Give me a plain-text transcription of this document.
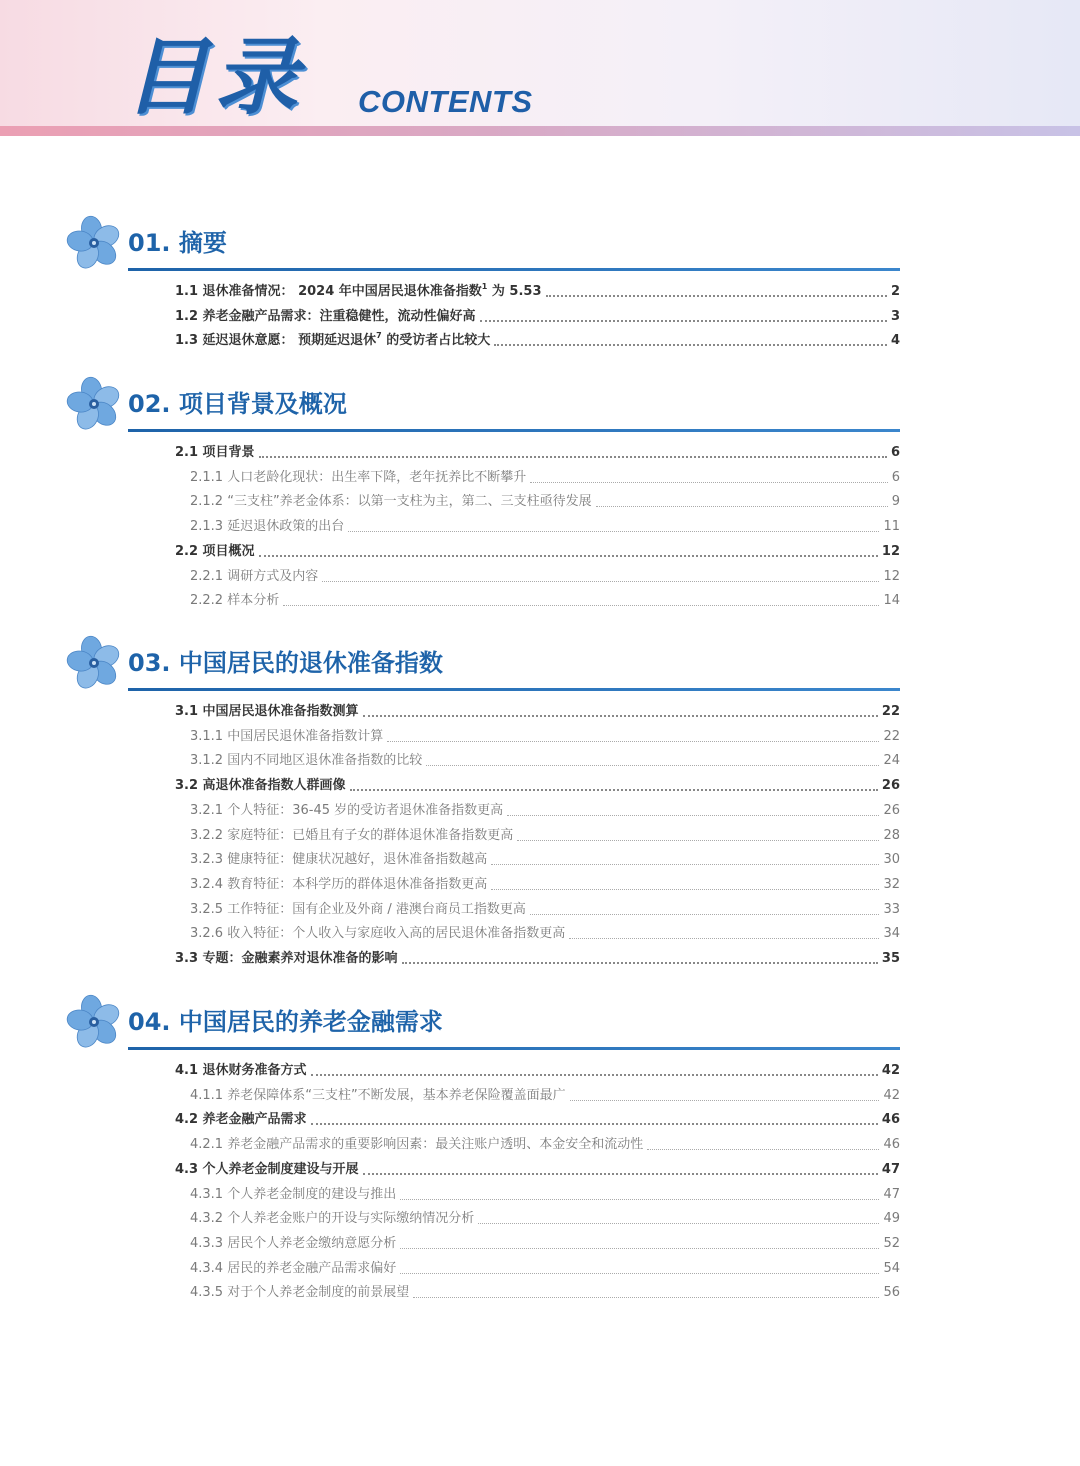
目录 CONTENTS
01. 摘要
1.1 退休准备情况： 2024 年中国居民退休准备指数$^1$ 为 5.53	2
1.2 养老金融产品需求：注重稳健性，流动性偏好高	3
1.3 延迟退休意愿： 预期延迟退休$^7$ 的受访者占比较大	4
02. 项目背景及概况
2.1 项目背景	6
2.1.1 人口老龄化现状：出生率下降，老年抚养比不断攀升	6
2.1.2 “三支柱”养老金体系：以第一支柱为主，第二、三支柱亟待发展	9
2.1.3 延迟退休政策的出台	11
2.2 项目概况	12
2.2.1 调研方式及内容	12
2.2.2 样本分析	14
03. 中国居民的退休准备指数
3.1 中国居民退休准备指数测算	22
3.1.1 中国居民退休准备指数计算	22
3.1.2 国内不同地区退休准备指数的比较	24
3.2 高退休准备指数人群画像	26
3.2.1 个人特征：36-45 岁的受访者退休准备指数更高	26
3.2.2 家庭特征：已婚且有子女的群体退休准备指数更高	28
3.2.3 健康特征：健康状况越好，退休准备指数越高	30
3.2.4 教育特征：本科学历的群体退休准备指数更高	32
3.2.5 工作特征：国有企业及外商 / 港澳台商员工指数更高	33
3.2.6 收入特征：个人收入与家庭收入高的居民退休准备指数更高	34
3.3 专题：金融素养对退休准备的影响	35
04. 中国居民的养老金融需求
4.1 退休财务准备方式	42
4.1.1 养老保障体系“三支柱”不断发展，基本养老保险覆盖面最广	42
4.2 养老金融产品需求	46
4.2.1 养老金融产品需求的重要影响因素：最关注账户透明、本金安全和流动性	46
4.3 个人养老金制度建设与开展	47
4.3.1 个人养老金制度的建设与推出	47
4.3.2 个人养老金账户的开设与实际缴纳情况分析	49
4.3.3 居民个人养老金缴纳意愿分析	52
4.3.4 居民的养老金融产品需求偏好	54
4.3.5 对于个人养老金制度的前景展望	56
